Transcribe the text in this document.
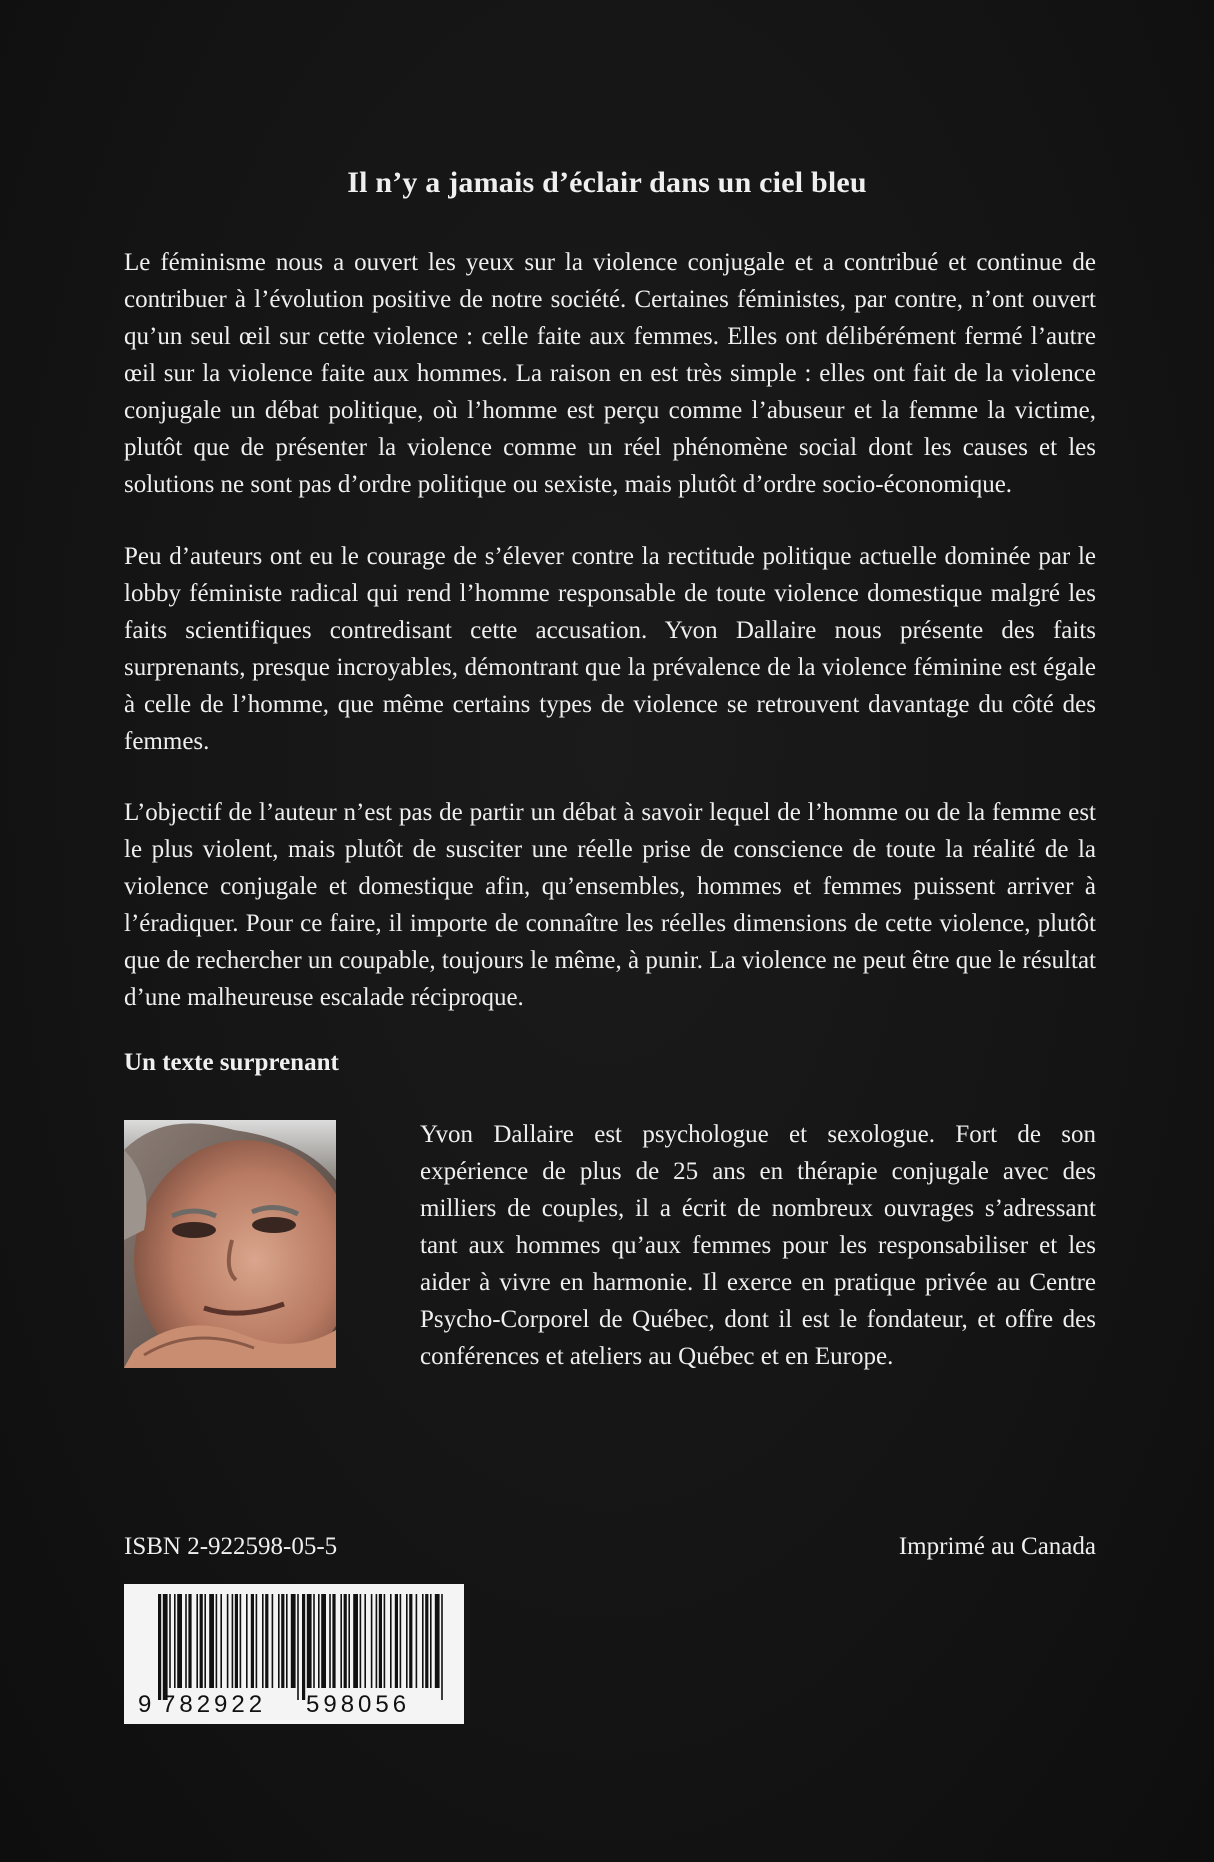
Il n’y a jamais d’éclair dans un ciel bleu

Le féminisme nous a ouvert les yeux sur la violence conjugale et a contribué et continue de contribuer à l’évolution positive de notre société. Certaines féministes, par contre, n’ont ouvert qu’un seul œil sur cette violence : celle faite aux femmes. Elles ont délibérément fermé l’autre œil sur la violence faite aux hommes. La raison en est très simple : elles ont fait de la violence conjugale un débat politique, où l’homme est perçu comme l’abuseur et la femme la victime, plutôt que de présenter la violence comme un réel phénomène social dont les causes et les solutions ne sont pas d’ordre politique ou sexiste, mais plutôt d’ordre socio-économique.

Peu d’auteurs ont eu le courage de s’élever contre la rectitude politique actuelle dominée par le lobby féministe radical qui rend l’homme responsable de toute violence domestique malgré les faits scientifiques contredisant cette accusation. Yvon Dallaire nous présente des faits surprenants, presque incroyables, démontrant que la prévalence de la violence féminine est égale à celle de l’homme, que même certains types de violence se retrouvent davantage du côté des femmes.

L’objectif de l’auteur n’est pas de partir un débat à savoir lequel de l’homme ou de la femme est le plus violent, mais plutôt de susciter une réelle prise de conscience de toute la réalité de la violence conjugale et domestique afin, qu’ensembles, hommes et femmes puissent arriver à l’éradiquer. Pour ce faire, il importe de connaître les réelles dimensions de cette violence, plutôt que de rechercher un coupable, toujours le même, à punir. La violence ne peut être que le résultat d’une malheureuse escalade réciproque.

Un texte surprenant

Yvon Dallaire est psychologue et sexologue. Fort de son expérience de plus de 25 ans en thérapie conjugale avec des milliers de couples, il a écrit de nombreux ouvrages s’adressant tant aux hommes qu’aux femmes pour les responsabiliser et les aider à vivre en harmonie. Il exerce en pratique privée au Centre Psycho-Corporel de Québec, dont il est le fondateur, et offre des conférences et ateliers au Québec et en Europe.

ISBN 2-922598-05-5	Imprimé au Canada
9 782922 598056
